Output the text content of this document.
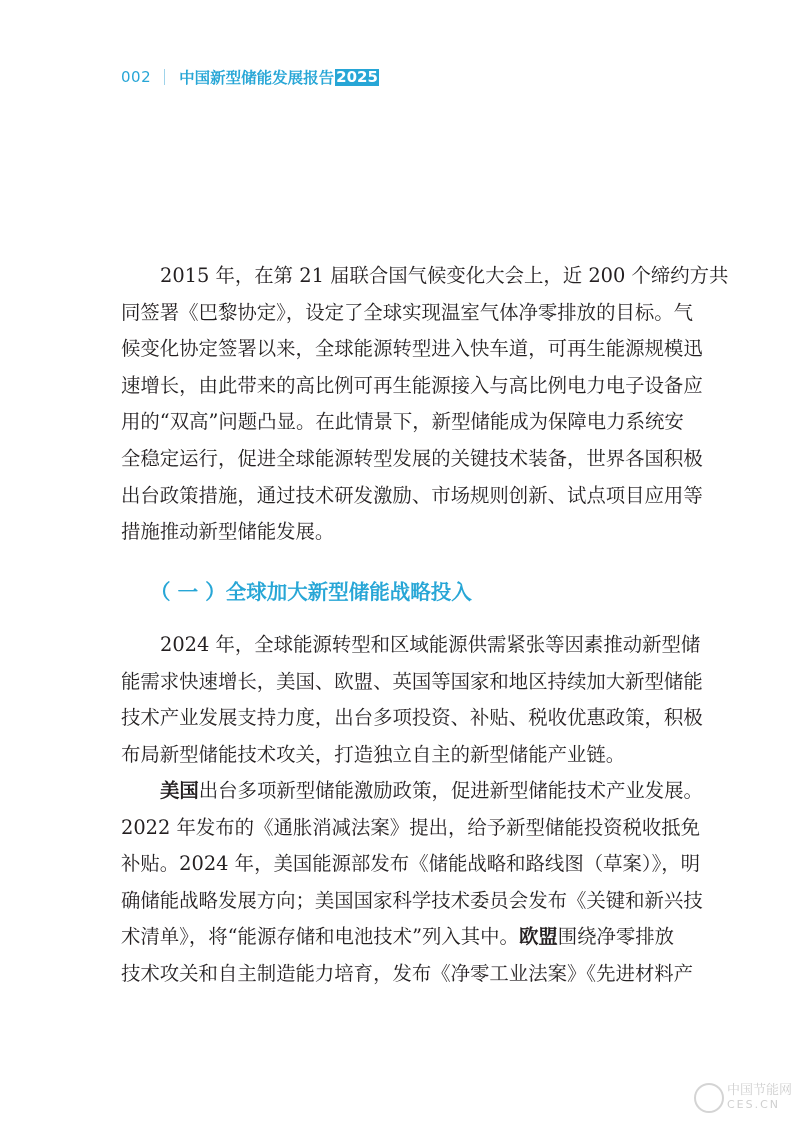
002 中国新型储能发展报告 2025
2015 年，在第 21 届联合国气候变化大会上，近 200 个缔约方共
同签署《巴黎协定》，设定了全球实现温室气体净零排放的目标。气
候变化协定签署以来，全球能源转型进入快车道，可再生能源规模迅
速增长，由此带来的高比例可再生能源接入与高比例电力电子设备应
用的“双高”问题凸显。在此情景下，新型储能成为保障电力系统安
全稳定运行，促进全球能源转型发展的关键技术装备，世界各国积极
出台政策措施，通过技术研发激励、市场规则创新、试点项目应用等
措施推动新型储能发展。
（ 一 ）全球加大新型储能战略投入
2024 年，全球能源转型和区域能源供需紧张等因素推动新型储
能需求快速增长，美国、欧盟、英国等国家和地区持续加大新型储能
技术产业发展支持力度，出台多项投资、补贴、税收优惠政策，积极
布局新型储能技术攻关，打造独立自主的新型储能产业链。
美国出台多项新型储能激励政策，促进新型储能技术产业发展。
2022 年发布的《通胀消减法案》提出，给予新型储能投资税收抵免
补贴。2024 年，美国能源部发布《储能战略和路线图（草案）》，明
确储能战略发展方向；美国国家科学技术委员会发布《关键和新兴技
术清单》，将“能源存储和电池技术”列入其中。欧盟围绕净零排放
技术攻关和自主制造能力培育，发布《净零工业法案》《先进材料产
中国节能网
CES.CN
